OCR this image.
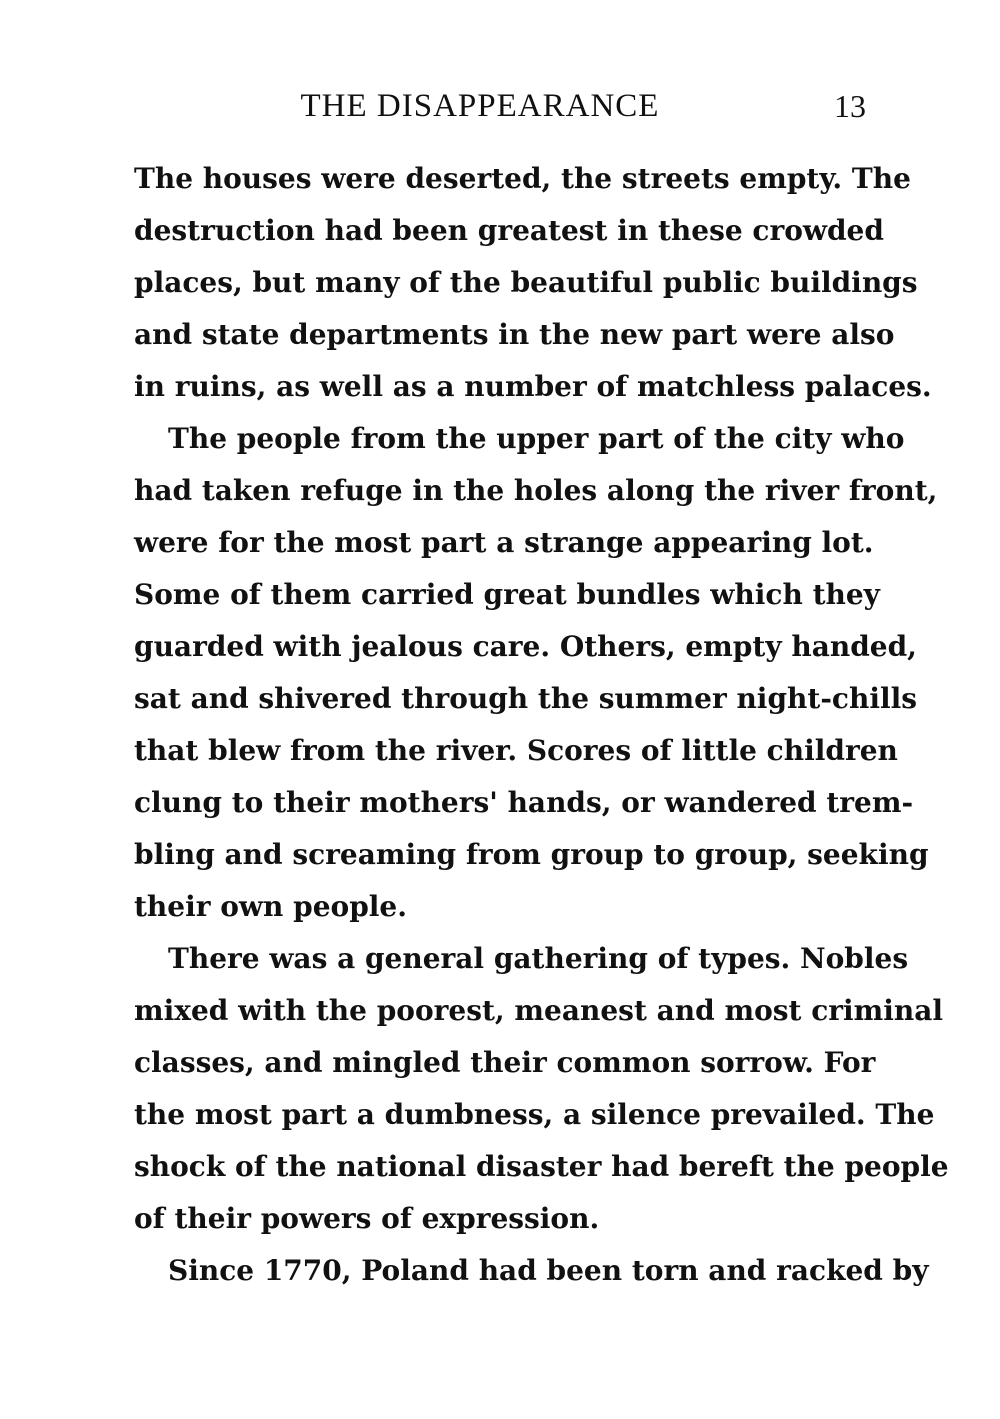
THE DISAPPEARANCE	13
The houses were deserted, the streets empty. The
destruction had been greatest in these crowded
places, but many of the beautiful public buildings
and state departments in the new part were also
in ruins, as well as a number of matchless palaces.
The people from the upper part of the city who
had taken refuge in the holes along the river front,
were for the most part a strange appearing lot.
Some of them carried great bundles which they
guarded with jealous care. Others, empty handed,
sat and shivered through the summer night-chills
that blew from the river. Scores of little children
clung to their mothers' hands, or wandered trem-
bling and screaming from group to group, seeking
their own people.
There was a general gathering of types. Nobles
mixed with the poorest, meanest and most criminal
classes, and mingled their common sorrow. For
the most part a dumbness, a silence prevailed. The
shock of the national disaster had bereft the people
of their powers of expression.
Since 1770, Poland had been torn and racked by
